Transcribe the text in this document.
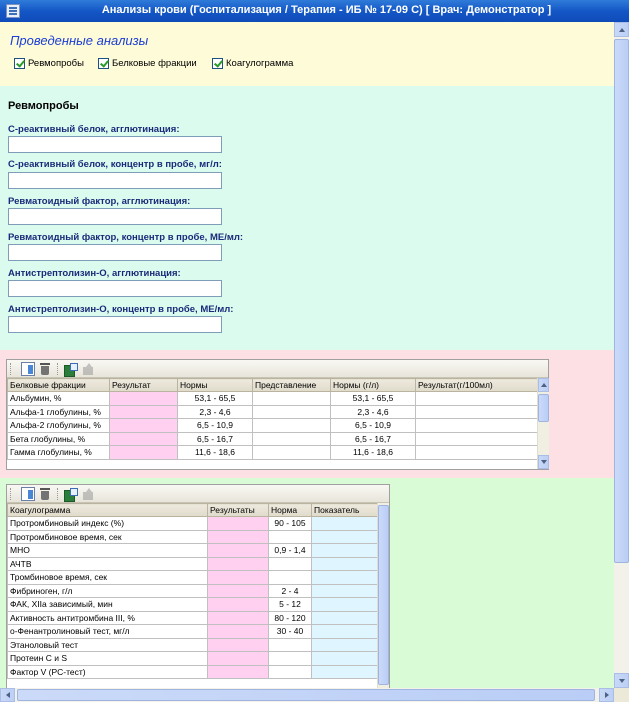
Анализы крови (Госпитализация / Терапия - ИБ № 17-09 С) [ Врач: Демонстратор ]
Проведенные анализы
Ревмопробы	Белковые фракции	Коагулограмма
Ревмопробы
С-реактивный белок, агглютинация:
С-реактивный белок, концентр в пробе, мг/л:
Ревматоидный фактор, агглютинация:
Ревматоидный фактор, концентр в пробе, МЕ/мл:
Антистрептолизин-О, агглютинация:
Антистрептолизин-О, концентр в пробе, МЕ/мл:
Белковые фракции	Результат	Нормы	Представление	Нормы (г/л)	Результат(г/100мл)
Альбумин, %		53,1 - 65,5		53,1 - 65,5	
Альфа-1 глобулины, %		2,3 - 4,6		2,3 - 4,6	
Альфа-2 глобулины, %		6,5 - 10,9		6,5 - 10,9	
Бета глобулины, %		6,5 - 16,7		6,5 - 16,7	
Гамма глобулины, %		11,6 - 18,6		11,6 - 18,6	
Коагулограмма	Результаты	Норма	Показатель
Протромбиновый индекс (%)		90 - 105	
Протромбиновое время, сек			
МНО		0,9 - 1,4	
АЧТВ			
Тромбиновое время, сек			
Фибриноген, г/л		2 - 4	
ФАК, XIIа зависимый, мин		5 - 12	
Активность антитромбина III, %		80 - 120	
о-Фенантролиновый тест, мг/л		30 - 40	
Этаноловый тест			
Протеин С и S			
Фактор V (PC-тест)			
